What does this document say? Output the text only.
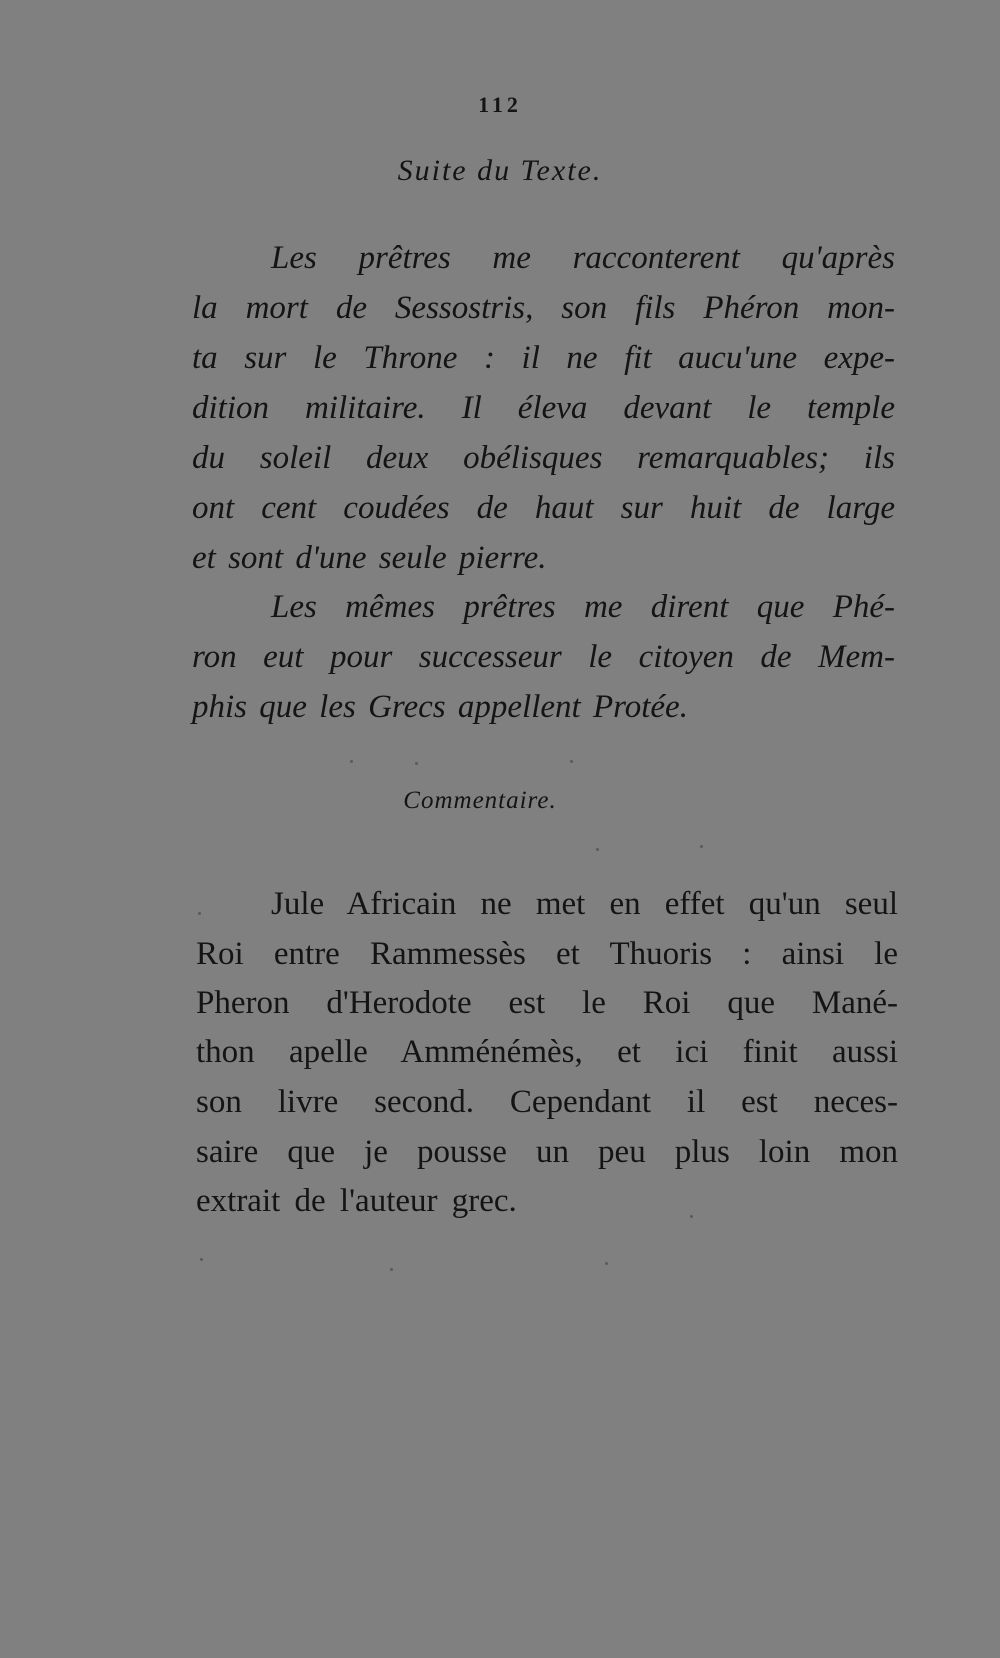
112
Suite du Texte.
Les prêtres me racconterent qu'après
la mort de Sessostris, son fils Phéron mon-
ta sur le Throne : il ne fit aucu'une expe-
dition militaire. Il éleva devant le temple
du soleil deux obélisques remarquables; ils
ont cent coudées de haut sur huit de large
et sont d'une seule pierre.
Les mêmes prêtres me dirent que Phé-
ron eut pour successeur le citoyen de Mem-
phis que les Grecs appellent Protée.
Commentaire.
Jule Africain ne met en effet qu'un seul
Roi entre Rammessès et Thuoris : ainsi le
Pheron d'Herodote est le Roi que Mané-
thon apelle Amménémès, et ici finit aussi
son livre second. Cependant il est neces-
saire que je pousse un peu plus loin mon
extrait de l'auteur grec.
